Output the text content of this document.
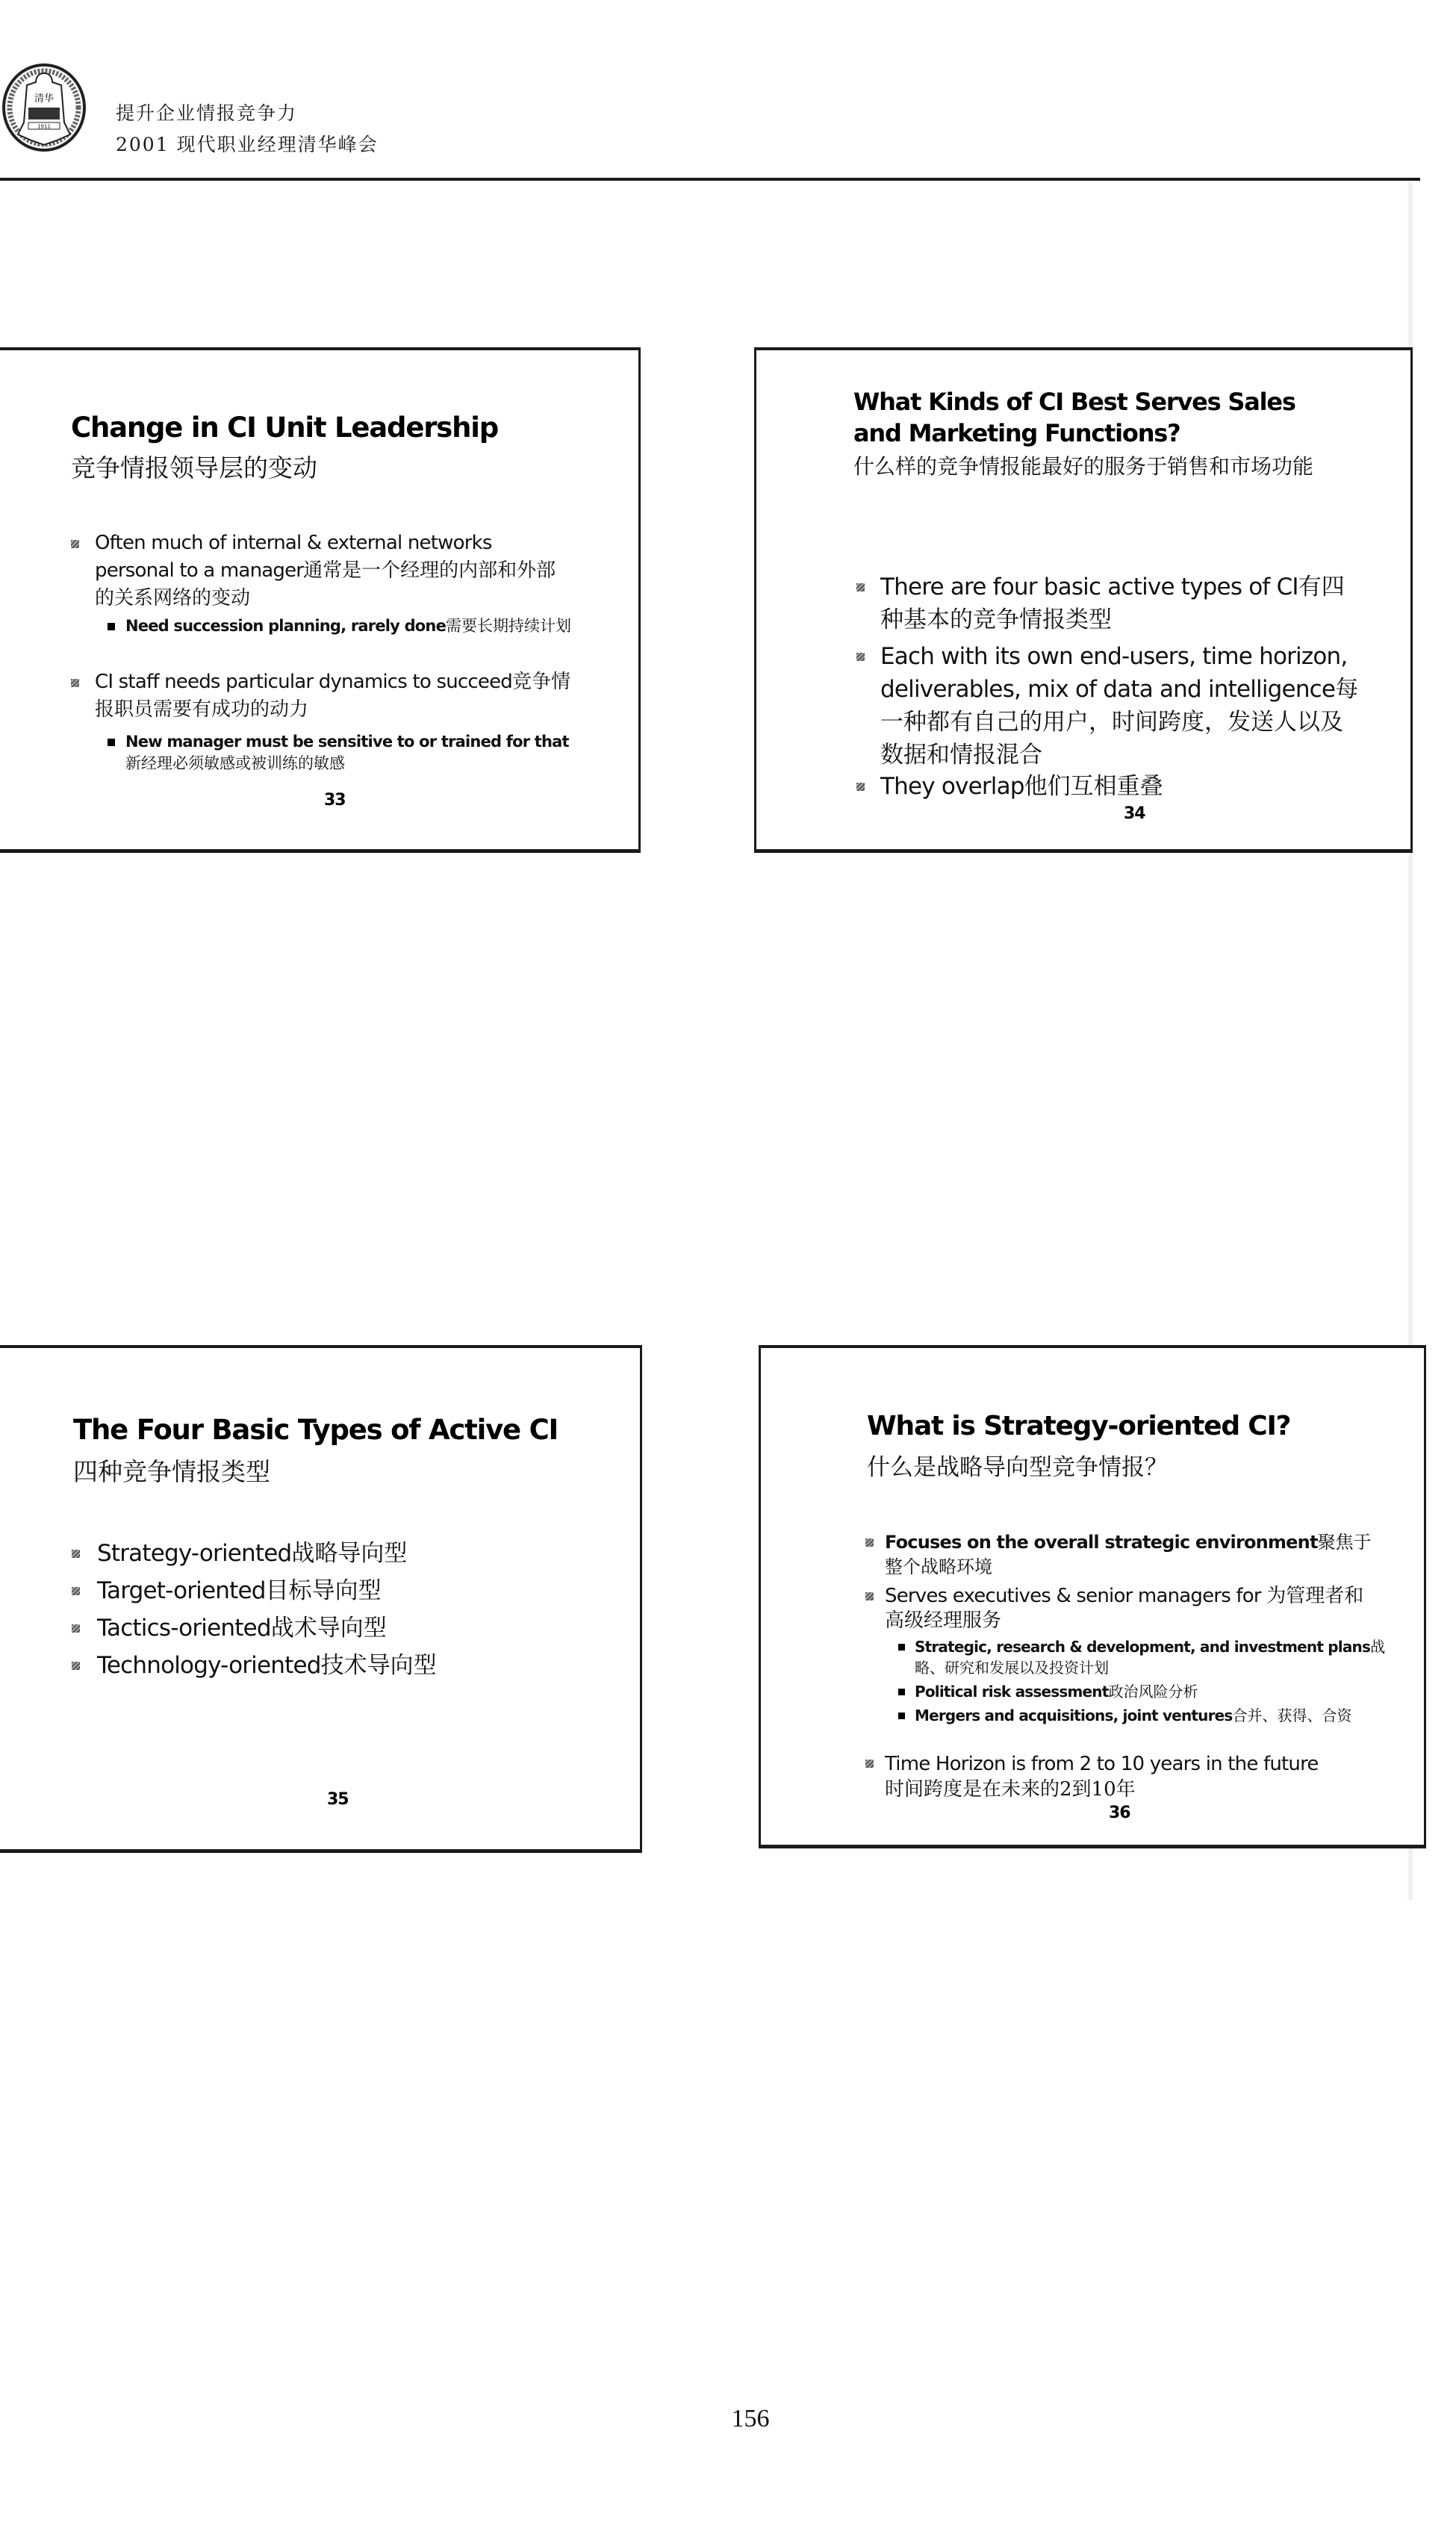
清华
1911
提升企业情报竞争力
2001 现代职业经理清华峰会
Change in CI Unit Leadership
竞争情报领导层的变动
Often much of internal & external networks personal to a manager通常是一个经理的内部和外部的关系网络的变动
Need succession planning, rarely done需要长期持续计划
CI staff needs particular dynamics to succeed竞争情报职员需要有成功的动力
New manager must be sensitive to or trained for that新经理必须敏感或被训练的敏感
33
What Kinds of CI Best Serves Sales and Marketing Functions?
什么样的竞争情报能最好的服务于销售和市场功能
There are four basic active types of CI有四种基本的竞争情报类型
Each with its own end-users, time horizon, deliverables, mix of data and intelligence每一种都有自己的用户，时间跨度，发送人以及数据和情报混合
They overlap他们互相重叠
34
The Four Basic Types of Active CI
四种竞争情报类型
Strategy-oriented战略导向型
Target-oriented目标导向型
Tactics-oriented战术导向型
Technology-oriented技术导向型
35
What is Strategy-oriented CI?
什么是战略导向型竞争情报？
Focuses on the overall strategic environment聚焦于整个战略环境
Serves executives & senior managers for 为管理者和高级经理服务
Strategic, research & development, and investment plans战略、研究和发展以及投资计划
Political risk assessment政治风险分析
Mergers and acquisitions, joint ventures合并、获得、合资
Time Horizon is from 2 to 10 years in the future
时间跨度是在未来的2到10年
36
156
